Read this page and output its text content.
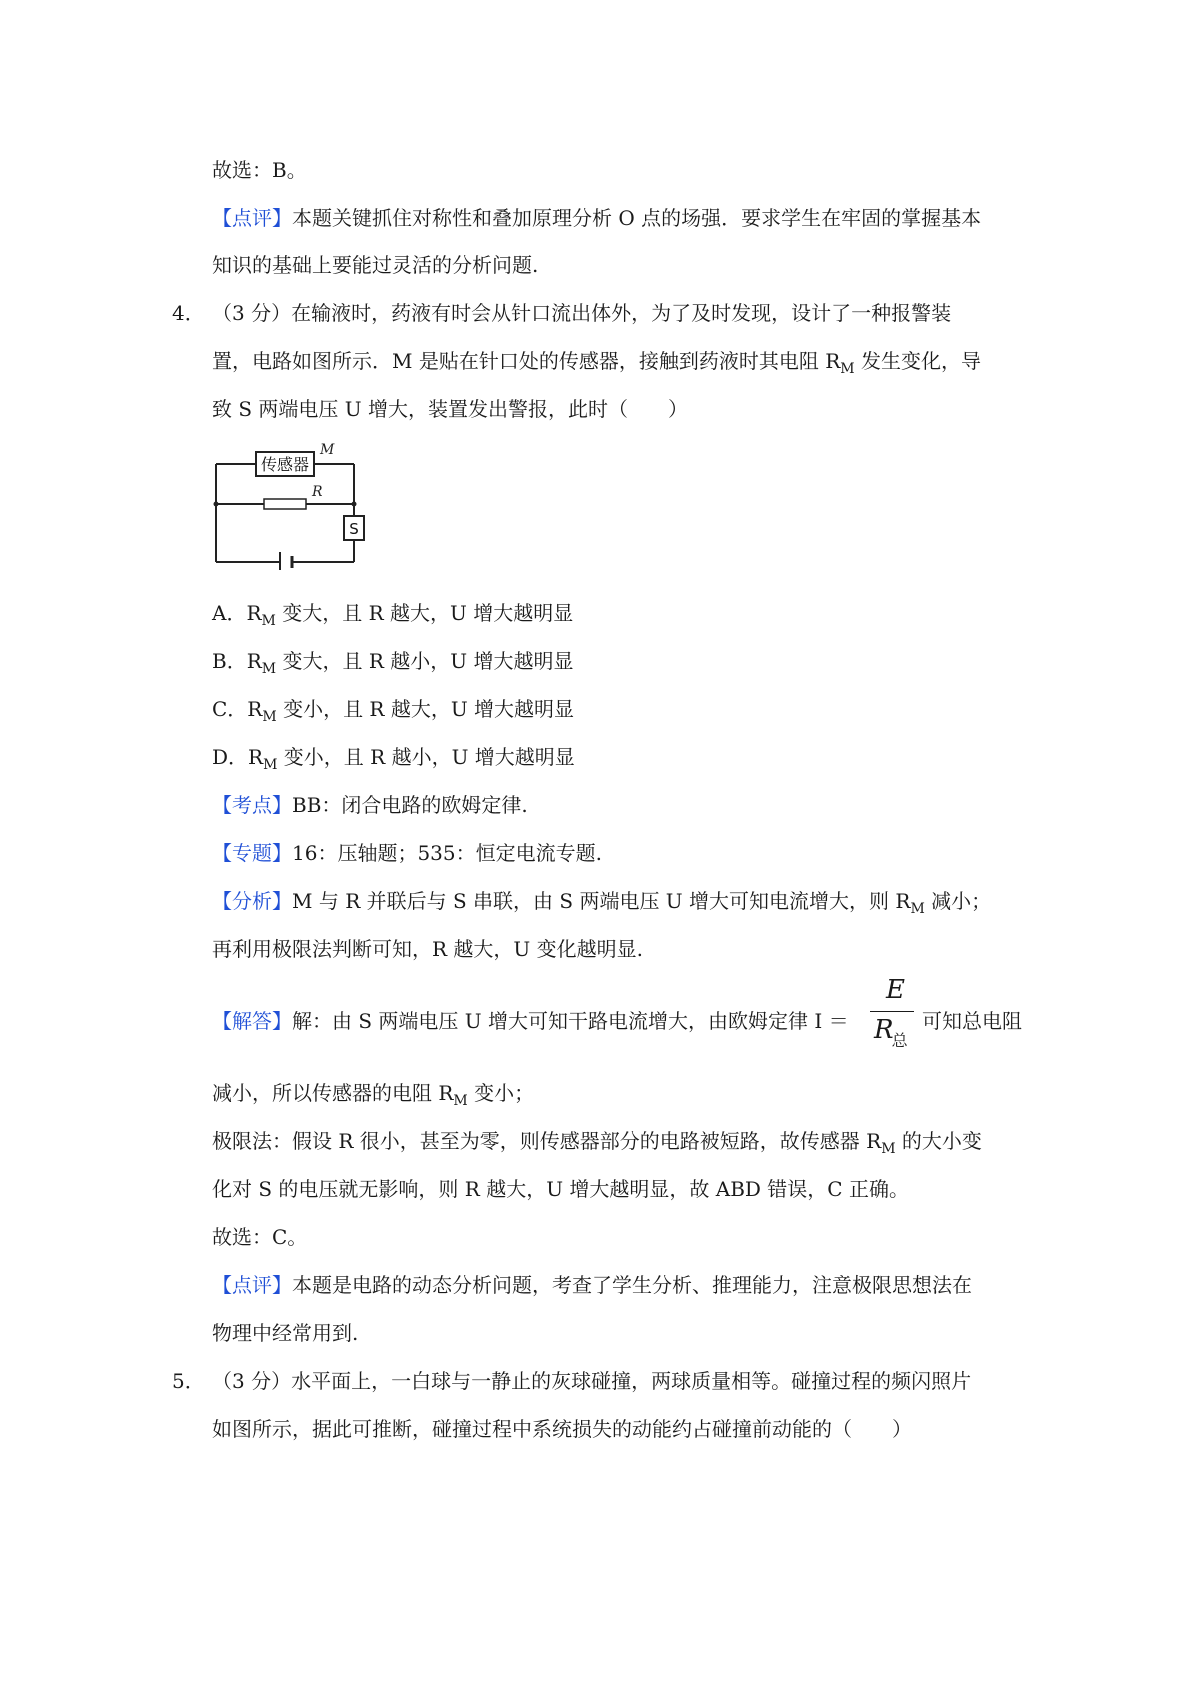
故选：B。
【点评】本题关键抓住对称性和叠加原理分析 O 点的场强．要求学生在牢固的掌握基本
知识的基础上要能过灵活的分析问题.
4． （3 分）在输液时，药液有时会从针口流出体外，为了及时发现，设计了一种报警装
置，电路如图所示．M 是贴在针口处的传感器，接触到药液时其电阻 $R_M$ 发生变化，导
致 S 两端电压 U 增大，装置发出警报，此时（　　）
传感器
M
R
S
A．$R_M$ 变大，且 R 越大，U 增大越明显
B．$R_M$ 变大，且 R 越小，U 增大越明显
C．$R_M$ 变小，且 R 越大，U 增大越明显
D．$R_M$ 变小，且 R 越小，U 增大越明显
【考点】BB：闭合电路的欧姆定律.
【专题】16：压轴题；535：恒定电流专题.
【分析】M 与 R 并联后与 S 串联，由 S 两端电压 U 增大可知电流增大，则 $R_M$ 减小；
再利用极限法判断可知，R 越大，U 变化越明显.
【解答】解：由 S 两端电压 U 增大可知干路电流增大，由欧姆定律 I ＝
E
$R_总$
可知总电阻
减小，所以传感器的电阻 $R_M$ 变小；
极限法：假设 R 很小，甚至为零，则传感器部分的电路被短路，故传感器 $R_M$ 的大小变
化对 S 的电压就无影响，则 R 越大，U 增大越明显，故 ABD 错误，C 正确。
故选：C。
【点评】本题是电路的动态分析问题，考查了学生分析、推理能力，注意极限思想法在
物理中经常用到.
5． （3 分）水平面上，一白球与一静止的灰球碰撞，两球质量相等。碰撞过程的频闪照片
如图所示，据此可推断，碰撞过程中系统损失的动能约占碰撞前动能的（　　）
